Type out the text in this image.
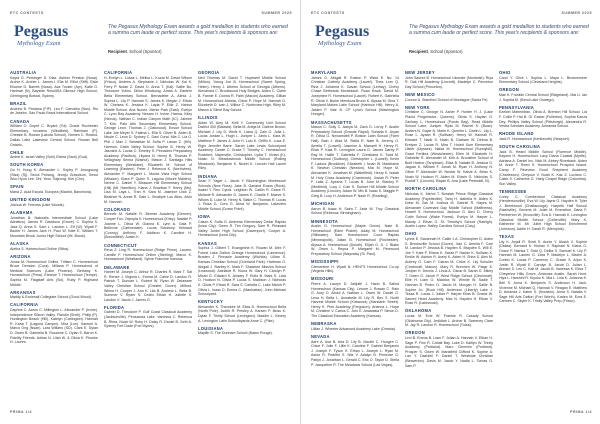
ETC CONTESTS	SUMMER 2025
Pegasus
Mythology Exam
The Pegasus Mythology Exam awards a gold medallion to students who earned a summa cum laude or perfect score. This year's recipients & sponsors are:
Recipient, School (Sponsor)
AUSTRALIA
Kayla G. Persinger D. Diaz. Ashton Preston (Nosa). Archie K. Archer L. James I. Ella M. Elliot (Stiff). Elsie Elsome D. Barrett (Nosa). Ava Tucker (Ayr). Katie D. Harlowe (N). Bayside ResultSA Gilmour High School, Gerringong Bowral, Sydney.
BRAZIL
Andrew B. Pestana (FIP). Leo F. Carvalho (Nos). Rio de Janeiro, Sao Paulo Brazil International School.
CANADA
William O. Dupré C. Bryant (Tol). Grade Rochester Elementary, Invaders (Windfield). Rainham (P). Chessie B. Rowan (Lakota School). Nomen C. Roland, Dallas Lake Lakeview Central School. Rowan Bell Ontario.
CHILE
Ambel K. Israel Valley (Schl) Elsina (Sant) (Gud).
SOUTH KOREA
Gu H. Hong K. Alexander L. Sophy P. Jeongsung (Sisa) (Sj). Seoul Pohang, Jeonju Guwolsun, Seoul Woo Hyun Lee. Ohi. Yeon Tiajeong, Kim (Chn).
SPAIN
Maria Z. Aula Escola, Europea (Madrid, Barcelona).
UNITED KINGDOM
Joshua W. Ferrows (Lisle Woods).
ALABAMA
Jonathan B. Naturalis Intermediate School (Lake Adriatics). James R. Davidson (Grove). C. Sophia S. Jack Q. Anna S. Sam L. Landon L. Elf (W). Wyatt F. Baxter H. James Jack H. Paul W. Kate E. William T. Mountain Brook Junior High School (Mt. Brook).
ALASKA
Aletha S. Homeschool Online (Sitka).
ARIZONA
Jonas M. Homeschool Online. Triflam C. Homeschool Bruce Dension (Cora). Millana P. Homeschool of Medical Sciences (Lake Phoenix). Bethany K. Homeschool (Pima). Eleanor T. Homeschool (Tempe). Sophia M. Flagstaff Arts (Sci). Ruby P. Highland Middle.
ARKANSAS
Maddy & Ecclesall Collegiate School (Good Wood).
CALIFORNIA
Daphne C. Aaron C. Millington L. Alexander P. (Irvine). Independence Silicon Valley. Flandin (Sixth). Philip (P). Huntington Beach (HB). Katelyn (Carlington). Hannah R. Karla T. (Laguna Canyon). Mira (Lnn). Samuel A. Marco Ong (Nsan). Lara Willans (SD). Clark E. Dylan D. Owen B. Gabriella B. Rosanne C. Dylan S. Baron K. Fidelity Friends. Adrian N. Lilah W. & Olivia K. Phoebe H. Lauren.
CALIFORNIA
H. Evelyn L. Lukas L. Mélisa L. Kuzat M. David Wilson (Frisco). Andrew A. Stephanie J. Nicholas W. Kal K. Ferry P. Nolan Z. David O. Anna T. (Kal). Sallie Bo. Theodore Yulino. Dillon Windsong. Aman A. Eastern Bella Elementary School. Bernadette A. Alexa J. Sophia L. Lily P. Hannah S. James K. Megan J. Ethan W. Chelsea K. Jessica K. Layla P. Ellie Z. Harbor Middle School. Ana Nunez. Menlo Park (East). Evelyn C. Lyon Bay Academy. Nesaro H. Irvine. Hanna, Kiley (Nexus). Nathan C. Indian Canyon Math (IC). Jaimee T. Kim. Palo Alto Secondary Elementary School. George Leon. Thomas J. (Oakwood). Ensue School Lake Joe Meyer S. Fatima L. Ella S. Oliver B. Alden B. Nicole C. Leon D. Sydney C. Dani Coral. Mia C. Lia G. Phil J. Max J. Sebastian M. Sofia P. Lanan Z. (Hill). Harmon. Grain Valley School. Sophie B. Henry W. Jasmine A. Lucas C. Emeley S. Pinnacles Preparatory Academy (Pacifica). Lilyana N. Henry B. Thomas P. Vellaghary Senna (Walnut). Mason J. Santiago Hills Elementary (Westlake). Elizabeth M. School of Learning (Eastern). Peter J. Rebecca K. (Northview). Alexander F. Margaret L. Monta Vista High School (Mission). Kiara P. Quinn S. Laguna (Mount Maiden). Nerine C. Daniel Y. Blossom Hill Elementary School (Hill) (Mt. Hamilton). Kiana J. Brazilian F. Henry (Ms). Lisa M. Laya L. Tran H. Sara M. Jasmine Lilah Z. Beatrice N. Annie R. Gale L. Smallpie Los Altos. Alvin M. Hannah.
COLORADO
Bennett M. Natalie R. Berean Academy (Denver). Cooper Fox. Olympia K. Homeschool (Kirby). Natalie P. Joanne L. Olivia W. Gianna E. Lynn A. Gaia P. Bellevue (Carbondale). Lucas Stanbury. Kirkland (Conroy). Anthony F. Addison K. Caroline H. (Broomfield). Austin K.
CONNECTICUT
Rena Z. Ling R. Homeschool (Ridge Prime). Lauren. Camille F. Homeschool Online (Sterling). Marco K. Homeschool (Westland). Sylvie Francine Ivanova.
DELAWARE
Harriet M. Joseph C. Arthur R. Charles R. Mark T. Sal R. Renee J. Virginia L. Emma M. Caine D. Landon R. Patrick T. Duncan L. Robert W. Ryan W. Delaware Valley Christian School (Chester, Dover). Milford. Wilma H. Cooper J. Ann K. Lila B. Andrew L. Bella B. Summer V. Ryder S. Cedric Ethan H. Juliette S. Landon V. Jacob J. James G.
FLORIDA
Gabriel D. Theodore P. Gulf Coast Classical Academy (Jacksonville). Pensacola Lake. Vanessa C. Rebecca B. Rhea. Noah W. Ruby H. Daisy R. Daniel B. Seth A. Sydney Fort Dade (Fort Myers).
GEORGIA
Ned Thomas M. David T. Hopewell Middle School (Milton). Young Joe B. Homeschool (Sweet Spring, Helen). Henry J. Athens School of Georgia (Athens). Alexandra C. Brookwood Holy Bridges. Aiden C. Claire B. Fannie E. Donna R. Faith (Macon) Academy. Gillian M. Homeschool Atlanta, Chloe P. Hope M. Hannah D. Elizabeth D. Ivan J. Wilbur C. Northview High. Riley M. Mason & Silent Bay School.
ILLINOIS
Aiden W. Amy M. Kirill Y. Community Unit School District 300 (Batavia). Bella M. Arieja M. Dalene Brown. Michael J. Lily D. Wells K. Liana Q. Zain O. Julia L. Lucas Jordan L. Hugh L. Juniper L. Janis L. Kara W. Matthew F. James & John H. Lulu K. Griffin K. Luca E. Elgin Jennifer Barre. Sarah Lake Lewis Schoolyard Academy. Daniel C. Grace T. Timothy C. Homeschool Rockford, Naperville, Christopher. Lydia T. Vivian (K). Nolan N. Meadowbrook Middle School (Rolling Meadows). Benjamin K. Nickel K. Lincoln Hall Laurel Riley.
INDIANA
Sean F. Yager L. Jacob Y. Bloomington Montessori Schools (New Ross). Jake B. Garland Evans (Rock). Isabel Y. Rev. Cyndi. Leighton W. Caitlin R. Grace R. Melanie R. Alexander D. James E. Charlie F. Maeve S. Wiloes D. Luke M. Henry N. Blake C. Thomas R. Lucas J. Rosa G. Cora G. Alma W. Benjamin. Lakeview Middle School (Crown Point).
IOWA
Calum K. Sofia G. Andrews Elementary Cedar Rapids (Iowa City). Owen R. Tim Gregory. Sam R. Pleasant Valley Junior High School (Davenport). Cooper A. Homeschool (Iowa City).
KANSAS
Sophia J. Gilbert T. Evangeline K. Rowan M. Alex F. Forest Lake Dalton Grange Homeschool (Lawrence). Braden J. Pinnacle Academy (Wichita). Lillian S. Kansas Christian School (Overland Park). Hartman G. Abigail J. Stanley K. Mark F. Shawnee Mission School (Leawood). Adelaide R. Kiona W. Gary H. Carolyn P. Micah G. Edward K. Ainsley F. Rollo B. Mark S. Lara O. Hudson N. Olivia P. Lucas S. Madison J. Nicholas K. Olivia P. Ethan R. Sara S. Carlotta C. Lake Michel P. Olivia L. Isaac D. Emma C. (Manhattan). John Michael Schoolyard.
KENTUCKY
Alexander K. Theodore M. Elias D. Homeschool Bella (North Pole). Judith R. Presley A. Karsen P. Beau K. Dylan F. Trinity School (Lexington). Maddie L. Kinsey A. Lexington Latin Schoolbyards Anne C. (Pike).
LOUISIANA
Maylith S. The Dunham School (Baton Rouge).
PRIMA 1/4
ETC CONTESTS	SUMMER 2025
Pegasus
Mythology Exam
The Pegasus Mythology Exam awards a gold medallion to students who earned a summa cum laude or perfect score. This year's recipients & sponsors are:
Recipient, School (Sponsor)
MARYLAND
James G. Abigail R. Easton P. Ward E. No. 14 Christian Cotterly Academy (Laurel). Thea Lum Q. Rina J. Johanna K. Gavan School (Lemay). Chevy Chase Bethesda Montessori. Ruan Kwok. David M. Josephine R. Homeschool (Laurel). Robert K. Gabriella R. Olivia V. Burke Mendoza Bruno K. Alyssa M. Gina T. Maryland Makes Latin School (Harbour Hill). Henry A. Jaiden P. Vale B. CP Lynch School (Washington Hunger).
MASSACHUSETTS
Mason C. Sully C. Aanya M. Zach D. Leroy F. Austin Preparatory School (Grande Rapid). Suhada K. Aryan R. Olivia G. Nnwamdeli P. Boston Latin School (Farm Hall). Bain J. Aida M. Stella R. Nate B. Jeremy G. Amelia T. (Lowell). Jasmine A. Maxwell H. Henry R. Eliah P. Kaia R. Lexington Laura D. James Darby P. Ray M. Hallie T. Gabriella F. Christiana K. Todd M. Homeschool (Sudbury). Christopher L. (Lowell). Kevin F. Ladora (Brookline). Elizabeth I. Noah W. Madelaine K. Newton Christian (Newton). Mia M. Hope M. Alexander K. Jonathan M. (Wakefield). Henry K. Isaiah M. Holy Cross Academy (Cranbrook). Josiah R. Peter F. Laila Z. Ayesha T. Lucas B. Jose M. Stanley P. (Medfield). Lucy J. Cole S. Sunset Hill Middle School Academy (Lincoln). Adam W. Mix B. Isaac K. Maggie P. Greg B. Lucy H. Anderson P. Nash R. (Reading).
MICHIGAN
Aaron B. Isaac H. Saira T. Jade W. Troy Classical School (Rebecca, Birmingham).
MINNESOTA
Austin D. Homeschool (Maple Grove). Nate B. Homeschool (Eden Prairie). Adaly M. Homeschool (Stillwater). Sam Homeschool Coon Rapids (Minneapolis). Julian B. Homeschool (Rochester). Alyssa A. Homeschool (Duluth). Elijah G. Ji. J. Blake W. Owen L. Reyna P. Margaret M. Pinewood Preparatory School (Wayzata) (St. Paul).
MISSISSIPPI
Clementine H. Wyatt N. HENTS Homeschool Co-op (Virginia Hills).
MISSOURI
Pierre A. Lauryn D. Jalijulth J. Harlo B. Salina Homeschool (Kansas City). Lenore J. Rowan C. Rain G. Aury O. Abdul A. Nathan L. Owen W. Daniel G. Lena H. Bella L. Annabelle M. Lily R. Bev S. North Harvest Middle School (Kirkwood) (Mandarin Street). Henry K. Pine Academy (Ferguson). Arianna L. Hope M. Christine V. Carlos C. Jorn E. Anastasia P. Simon D. The Classical Education Academy (Kansas).
NEBRASKA
Lillian J. Wheeler Advanced Academy Lake (Omaha).
NEVADA
Adre A. Ava B. Aria D. Lily B. Nicolle C. Hoogen C. Chloe F. Julie F. Lillie K. Caroline F. Gabriel Benjamin J. Joseph F. Tyson K. Ethan L. Joseph L. Ryan M. Aston R. Pedrithi S. Nils V. Adalyn B. Primrose G. Paityn J. Jonathan L. Gerald C. Eric O. Taylor D. Stella P. Jacqueline R. The Meadows School (Las Vegas).
NEW JERSEY
John Sacred B. Homeschool Ulcerate (Montclair). Riya R. Oak Hill Academy (Lincroft). Madelyn C. Princeton Day School (Princeton).
NEW MEXICO
Connor A. Stamford School of Montague (Santa Fe).
NEW YORK
Christine C. George N. Asher P. Hunter H. J. (Lake Placid Progressive, Queens). Olivia S. Haylan G. Zachary L. Homeschool (Ponds Bay). Read Middle School Lake, Juniper. Ryan M. Rachel S. (Boaz). Anders N. Gayle N. Marie K. Quentin L. Dariin L. Lily L. Rose L. Ayaan R. (Sullivan). Henry W. Hannah R. Edward T. Nadir S. Noah B. Graham W. Delma B. Erelyne Z. Lucas R. Mira T. Hulett Sum Elementary Ulster (Ulysses). Naisa M. Homeschool (Sunnyhill). Grant Fertibut (Westchester). Ellen M. Elizabeth H. Gabrielle R. Alexander M. Kirk A. Brookline School of Buhl Harbor (Tarrytown). Eliza B. Natalie B. Jessica G. Jaguar K. William F. Jonah M. Ryan H. Anthony N. Oliver P. Alexander W. Neofar W. Kaisle A. Brian K. Noah W. Hudson R. Aiden M. Edwin G. Nicholas S. Rudolf T. (Lincoln). Rayan B. Ana (Lake Peekskill, N).
NORTH CAROLINA
Nicholas K. Mehol T. Boraiah Prince Ridge Classical Academy (Fayetteville). Tariq H. Isabella H. Aiden K. Drew M. Zak M. Joshua M. Gabriel R. Hayes M. Alexander Covenant Day Middle School (Matthews). Howell S. Homeschool. Jackson G. Alex D. Chevy Cobb School (Wake Forest). Evelyn M. Harper L. Mandy J. Ethan G. St. Timothy's School (Raleigh). Austin Lopez. Halley Carolina School (Cary).
OHIO
Lynne E. Savannah H. Callie J.A. Christopher D. Aiden S. Brecksville School (Dover). Jian C. Amelia F. Cole M. Landon P. Jessica B. Hayden S. Brayden S. Will E. Joe Y. Kate P. Eliana K. Sarah P. Harlan K. Sullivan K. Emilie W. Ashton R. Avery K. Aiden H. Shira S. Alex M. Aubrey G. Cam F. Ciaran M. Chloe K. Lily Schuller (Cincinnati, Mason). Mary R. Brennen W. Paige K. Juniper H. Dennis J. Linus A. Oscar B. Sarah G. Mikey T. Owen G. Jacob P. West Ridge School (Cincinnati). Ellie H. Liam O. Maddox W. Winnie W. Sadie T. Hannah B. Pedro D. Jacob M. Morgan H. Sallie B. Sophie Jo. (Rock Hill). Anderson (Liberty) Lake J. Tessa R. Lucas J. Julian P. Harper Elias B. Gracie W. Sacred Heart Academy. Max N. Hayden H. Ethan V. Rose R. (Lakewood).
OKLAHOMA
Lucas M. Evie W. Frankie R. Casady School (Oklahoma City). Jedidiah L. Archer B. Sweeney Clare M. Jay R. Landon R. Homeschool (Tulsa).
OREGON
Levi B. Emma B. Liam F. Julian A. Hannah V. Ethan H. Sage P. Finn R. Cobalt Bay. Luke D. Kaitlyn W. Trinity Academy (Portland). Marc Clemmin (Portland). Prosper S. Owen W. Mansfield Clifford K. Sophie A. Lan Y. Dashiell F. Daniel T. Westside Christian (Beaverton). Davis M. Jacob Y. Nadia L. Tomas G. Sam P.
OHIO
Carol Y. Olive I. Sophia L. Maya L. Brownsmere Elementary School (Cleveland Heights).
OREGON
Mae K. Franklin Central School (Ridgeland). Mai Li. Ian J. Sophia M. (Bend Lake Oswego).
PENNSYLVANIA
Ezekiel Mahendran. Olivia A. Brenton Hill School. Lia F. Collin P. Hai B. Gi. Easter (Fullerton). Sophia Kanza Dey. Phillips Valley School (Pittsburgh). Alexandra R. Vestra Scholars Academy. Armanda School.
RHODE ISLAND
Jack R. Homeschool (Kenilworth) (Newport).
SOUTH CAROLINA
Jack B. Heard Middle School (Florence Middle). Kaysen H. Homeschool. Lacy Diana Coastal (Myrtle). Adriana A. Daniel Inc. Nick M. Abbey Riverbank. Aiden M. Anne T. Reed S. Homeschool Prospect Island. Camp F. Pineview Good Shepherd Academy (Charleston). Greyson V. Noah K. Kaz Z. Luciano C. Caleb S. Catherine G. Yaely Chapel Ridge (Columbia). Sun Valley.
TENNESSEE
Corey C. Cumberland Classical Academy (Hendersonville). Eva W. Lily Jayne G. Hayden H. Tyler J. Brentwood (Chattanooga). Harpeth Hall School (Nashville). Gemma M. Juliet M. Emmeline. Dana F. Pemberton W. (Knoxville). Eva D. Hannah K. Lexington Classical Middle School (Collierville). Mary K. Katherine M. Mt. Juliet High School Enrichment (Johnson). Addie H. Sarah R. (Memphis).
TEXAS
Lily K. Anjali R. Sristi S. Annie Y. Akash V. Sophie (Dallas). Bernard K. Kishan V. Raphael N. Kiana G. Grace P. Nishka T. Sidd Q. Dellta S. Samuel K. Lily P. Hannah M. Lauren G. Zara P. Madelyn L. Maxim A. Corbin K. Lucas P. Cameron C. Gracie S. Arjun K. Justin R. Wyatt E. Carolyn B. Jacob D. Julian L. Ahmed S. Leo C. Kali M. Jacob B. Vanessa K. Elisa T. Cheyenne Hills Grove, Ambrose Austin. Sarah Hunt. Hiya L. Harshini R. Kiyoko K. Mia L. Lola K. Julianna K. Bell S. Anna K. Benjamin S. Anderson H. Jack. Vivienne M. Michael Q. Hannah V. Reagan E. Matthew D. Amanda J. Katrin S. (Houston). Anna S. Natalia V. Sage Hill Arts Dalton (Fort Worth). Kaden M. Ezra E. Carmen C. Skyler K. Trinity Valley Prep (Frisco).
PRIMA 1/4
